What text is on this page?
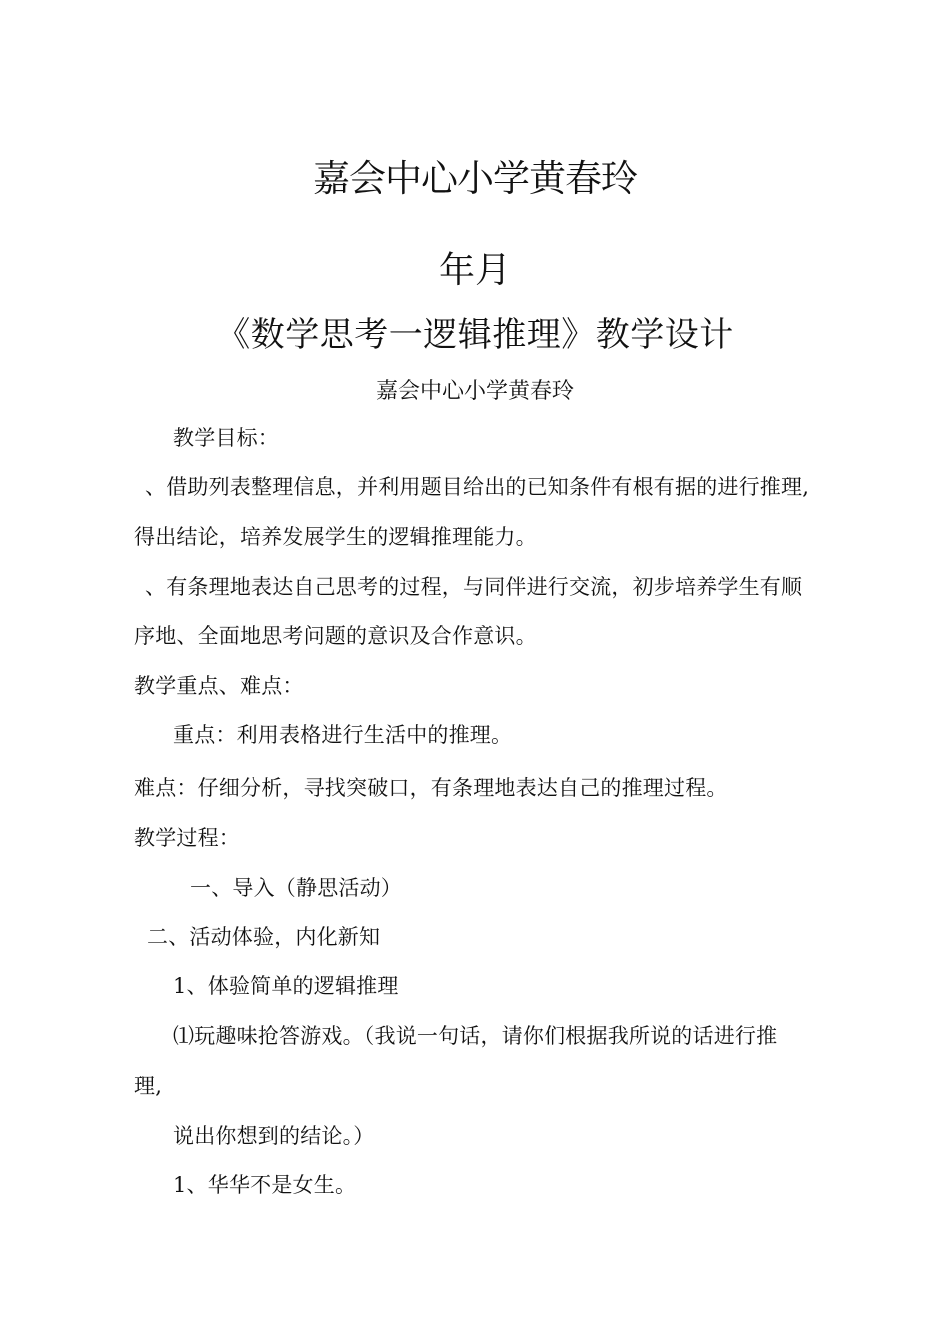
嘉会中心小学黄春玲
年月
《数学思考一逻辑推理》教学设计
嘉会中心小学黄春玲
教学目标：
、借助列表整理信息，并利用题目给出的已知条件有根有据的进行推理,
得出结论，培养发展学生的逻辑推理能力。
、有条理地表达自己思考的过程，与同伴进行交流，初步培养学生有顺
序地、全面地思考问题的意识及合作意识。
教学重点、难点：
重点：利用表格进行生活中的推理。
难点：仔细分析，寻找突破口，有条理地表达自己的推理过程。
教学过程：
一、导入（静思活动）
二、活动体验，内化新知
1、体验简单的逻辑推理
⑴玩趣味抢答游戏。（我说一句话，请你们根据我所说的话进行推
理,
说出你想到的结论。）
1、华华不是女生。
